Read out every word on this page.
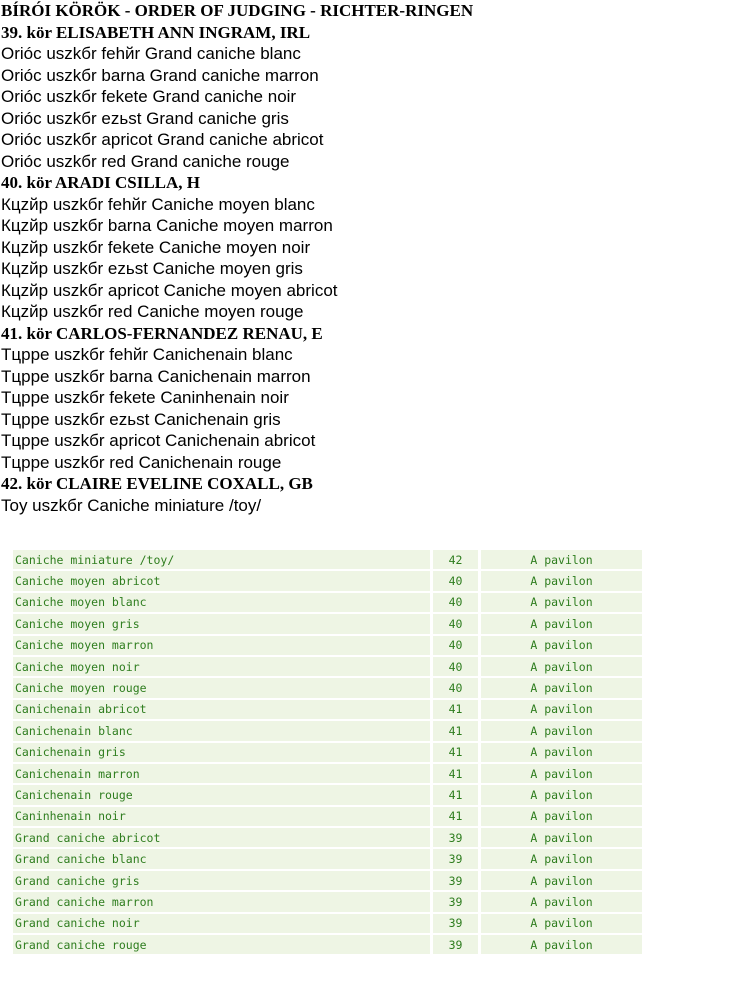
BÍRÓI KÖRÖK - ORDER OF JUDGING - RICHTER-RINGEN
39. kör ELISABETH ANN INGRAM, IRL
Orióс uszkбr fehйr Grand caniche blanc
Orióс uszkбr barna Grand caniche marron
Orióс uszkбr fekete Grand caniche noir
Orióс uszkбr ezьst Grand caniche gris
Orióс uszkбr apricot Grand caniche abricot
Orióс uszkбr red Grand caniche rouge
40. kör ARADI CSILLA, H
Кцzйр uszkбr fehйr Caniche moyen blanc
Кцzйр uszkбr barna Caniche moyen marron
Кцzйр uszkбr fekete Caniche moyen noir
Кцzйр uszkбr ezьst Caniche moyen gris
Кцzйр uszkбr apricot Caniche moyen abricot
Кцzйр uszkбr red Caniche moyen rouge
41. kör CARLOS-FERNANDEZ RENAU, E
Тцрре uszkбr fehйr Canichenain blanc
Тцрре uszkбr barna Canichenain marron
Тцрре uszkбr fekete Caninhenain noir
Тцрре uszkбr ezьst Canichenain gris
Тцрре uszkбr apricot Canichenain abricot
Тцрре uszkбr red Canichenain rouge
42. kör CLAIRE EVELINE COXALL, GB
Toy uszkбr Caniche miniature /toy/
Caniche miniature /toy/	42	A pavilon
Caniche moyen abricot	40	A pavilon
Caniche moyen blanc	40	A pavilon
Caniche moyen gris	40	A pavilon
Caniche moyen marron	40	A pavilon
Caniche moyen noir	40	A pavilon
Caniche moyen rouge	40	A pavilon
Canichenain abricot	41	A pavilon
Canichenain blanc	41	A pavilon
Canichenain gris	41	A pavilon
Canichenain marron	41	A pavilon
Canichenain rouge	41	A pavilon
Caninhenain noir	41	A pavilon
Grand caniche abricot	39	A pavilon
Grand caniche blanc	39	A pavilon
Grand caniche gris	39	A pavilon
Grand caniche marron	39	A pavilon
Grand caniche noir	39	A pavilon
Grand caniche rouge	39	A pavilon
